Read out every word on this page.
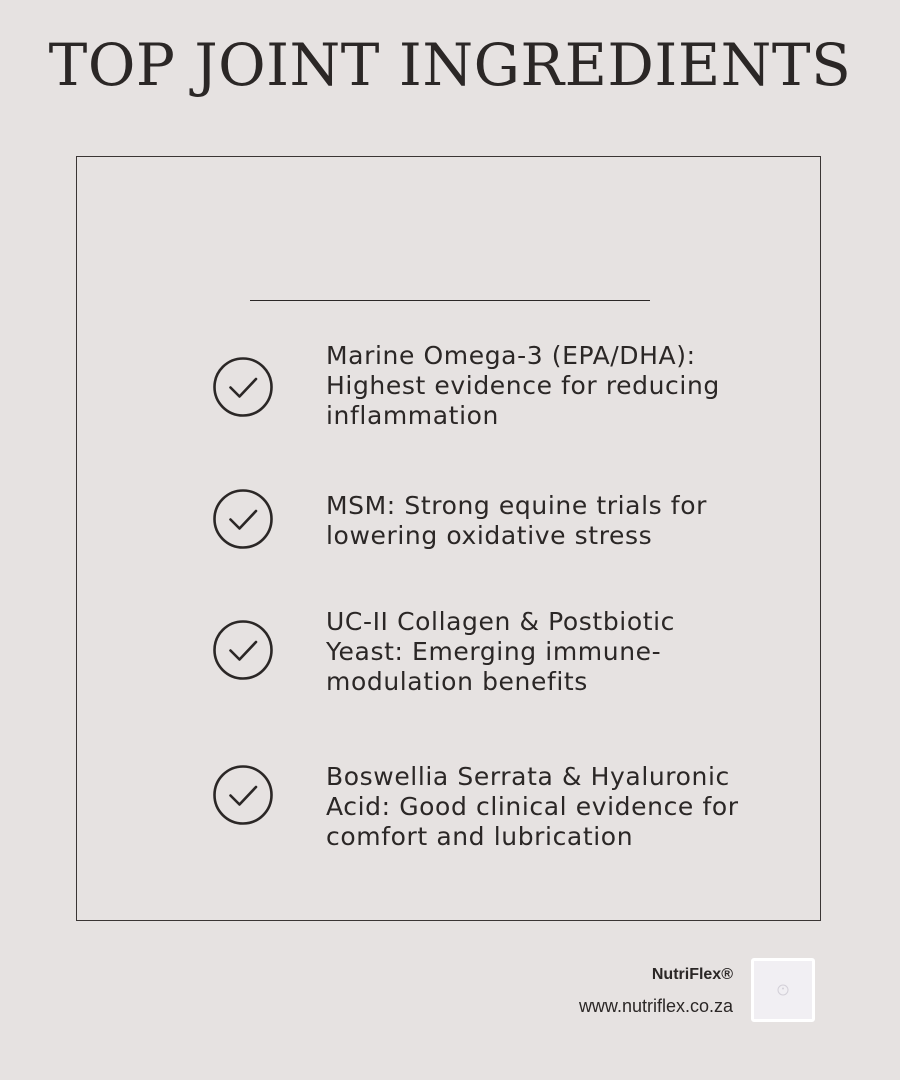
TOP JOINT INGREDIENTS

Marine Omega-3 (EPA/DHA): Highest evidence for reducing inflammation

MSM: Strong equine trials for lowering oxidative stress

UC-II Collagen & Postbiotic Yeast: Emerging immune-modulation benefits

Boswellia Serrata & Hyaluronic Acid: Good clinical evidence for comfort and lubrication

NutriFlex®
www.nutriflex.co.za
